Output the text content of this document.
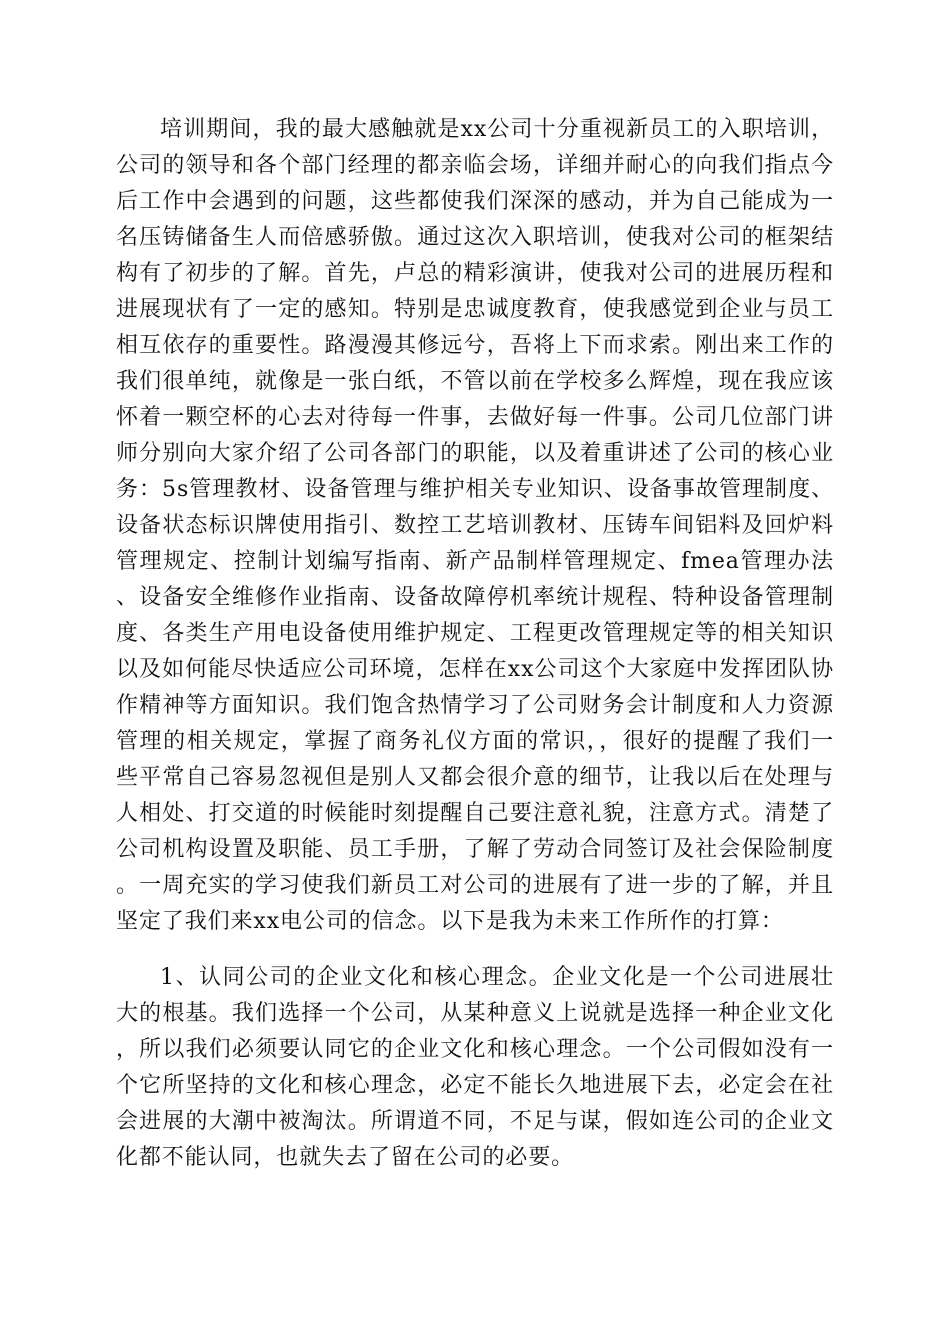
培训期间，我的最大感触就是xx公司十分重视新员工的入职培训，公司的领导和各个部门经理的都亲临会场，详细并耐心的向我们指点今后工作中会遇到的问题，这些都使我们深深的感动，并为自己能成为一名压铸储备生人而倍感骄傲。通过这次入职培训，使我对公司的框架结构有了初步的了解。首先，卢总的精彩演讲，使我对公司的进展历程和进展现状有了一定的感知。特别是忠诚度教育，使我感觉到企业与员工相互依存的重要性。路漫漫其修远兮，吾将上下而求索。刚出来工作的我们很单纯，就像是一张白纸，不管以前在学校多么辉煌，现在我应该怀着一颗空杯的心去对待每一件事，去做好每一件事。公司几位部门讲师分别向大家介绍了公司各部门的职能，以及着重讲述了公司的核心业务：5s管理教材、设备管理与维护相关专业知识、设备事故管理制度、设备状态标识牌使用指引、数控工艺培训教材、压铸车间铝料及回炉料管理规定、控制计划编写指南、新产品制样管理规定、fmea管理办法、设备安全维修作业指南、设备故障停机率统计规程、特种设备管理制度、各类生产用电设备使用维护规定、工程更改管理规定等的相关知识以及如何能尽快适应公司环境，怎样在xx公司这个大家庭中发挥团队协作精神等方面知识。我们饱含热情学习了公司财务会计制度和人力资源管理的相关规定，掌握了商务礼仪方面的常识，，很好的提醒了我们一些平常自己容易忽视但是别人又都会很介意的细节，让我以后在处理与人相处、打交道的时候能时刻提醒自己要注意礼貌，注意方式。清楚了公司机构设置及职能、员工手册，了解了劳动合同签订及社会保险制度。一周充实的学习使我们新员工对公司的进展有了进一步的了解，并且坚定了我们来xx电公司的信念。以下是我为未来工作所作的打算：

1、认同公司的企业文化和核心理念。企业文化是一个公司进展壮大的根基。我们选择一个公司，从某种意义上说就是选择一种企业文化，所以我们必须要认同它的企业文化和核心理念。一个公司假如没有一个它所坚持的文化和核心理念，必定不能长久地进展下去，必定会在社会进展的大潮中被淘汰。所谓道不同，不足与谋，假如连公司的企业文化都不能认同，也就失去了留在公司的必要。
